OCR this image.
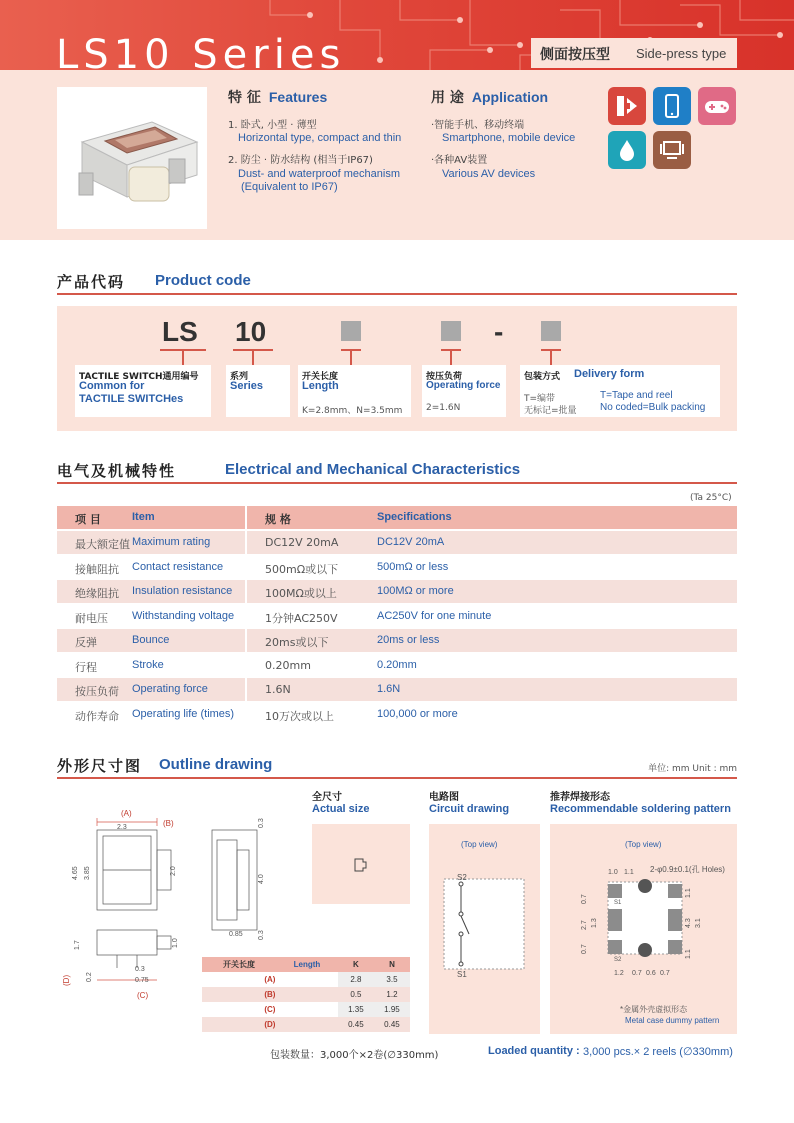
LS10 Series	侧面按压型 Side-press type
特 征 Features
1. 卧式, 小型 · 薄型
Horizontal type, compact and thin
2. 防尘 · 防水结构 (相当于IP67)
Dust- and waterproof mechanism
(Equivalent to IP67)
用 途 Application
·智能手机、移动终端
Smartphone, mobile device
·各种AV装置
Various AV devices
产品代码 Product code
LS 10	-
TACTILE SWITCH通用编号
Common for
TACTILE SWITCHes
系列
Series
开关长度
Length
K=2.8mm、N=3.5mm
按压负荷
Operating force
2=1.6N
包装方式 Delivery form
T=编带
无标记=批量
T=Tape and reel
No coded=Bulk packing
电气及机械特性	Electrical and Mechanical Characteristics
(Ta 25°C)
项 目	Item	规 格	Specifications
最大额定值 Maximum rating	DC12V 20mA	DC12V 20mA
接触阻抗 Contact resistance	500mΩ或以下	500mΩ or less
绝缘阻抗 Insulation resistance	100MΩ或以上	100MΩ or more
耐电压 Withstanding voltage	1分钟AC250V	AC250V for one minute
反弹	Bounce	20ms或以下	20ms or less
行程	Stroke	0.20mm	0.20mm
按压负荷 Operating force	1.6N	1.6N
动作寿命 Operating life (times)	10万次或以上	100,000 or more
外形尺寸图 Outline drawing	单位: mm Unit : mm
(A)
(B)
2.3
4.65 3.85	2.0
1.7
0.2
(D)
0.3
0.75
(C)
1.0
0.3
4.0
0.3
0.85
开关长度	Length	K	N
(A)		2.8	3.5
(B)		0.5	1.2
(C)		1.35	1.95
(D)		0.45	0.45
全尺寸
Actual size
电路图
Circuit drawing
(Top view)
S2
S1
推荐焊接形态
Recommendable soldering pattern
(Top view)
2-φ0.9±0.1(孔 Holes)
1.0 1.1
S1
S2
0.7
2.7 1.3
0.7
1.1
4.3 3.1
1.1
1.2 0.7 0.6 0.7
*金属外壳虚拟形态
Metal case dummy pattern
包装数量：3,000个×2卷(∅330mm)	Loaded quantity : 3,000 pcs.× 2 reels (∅330mm)
